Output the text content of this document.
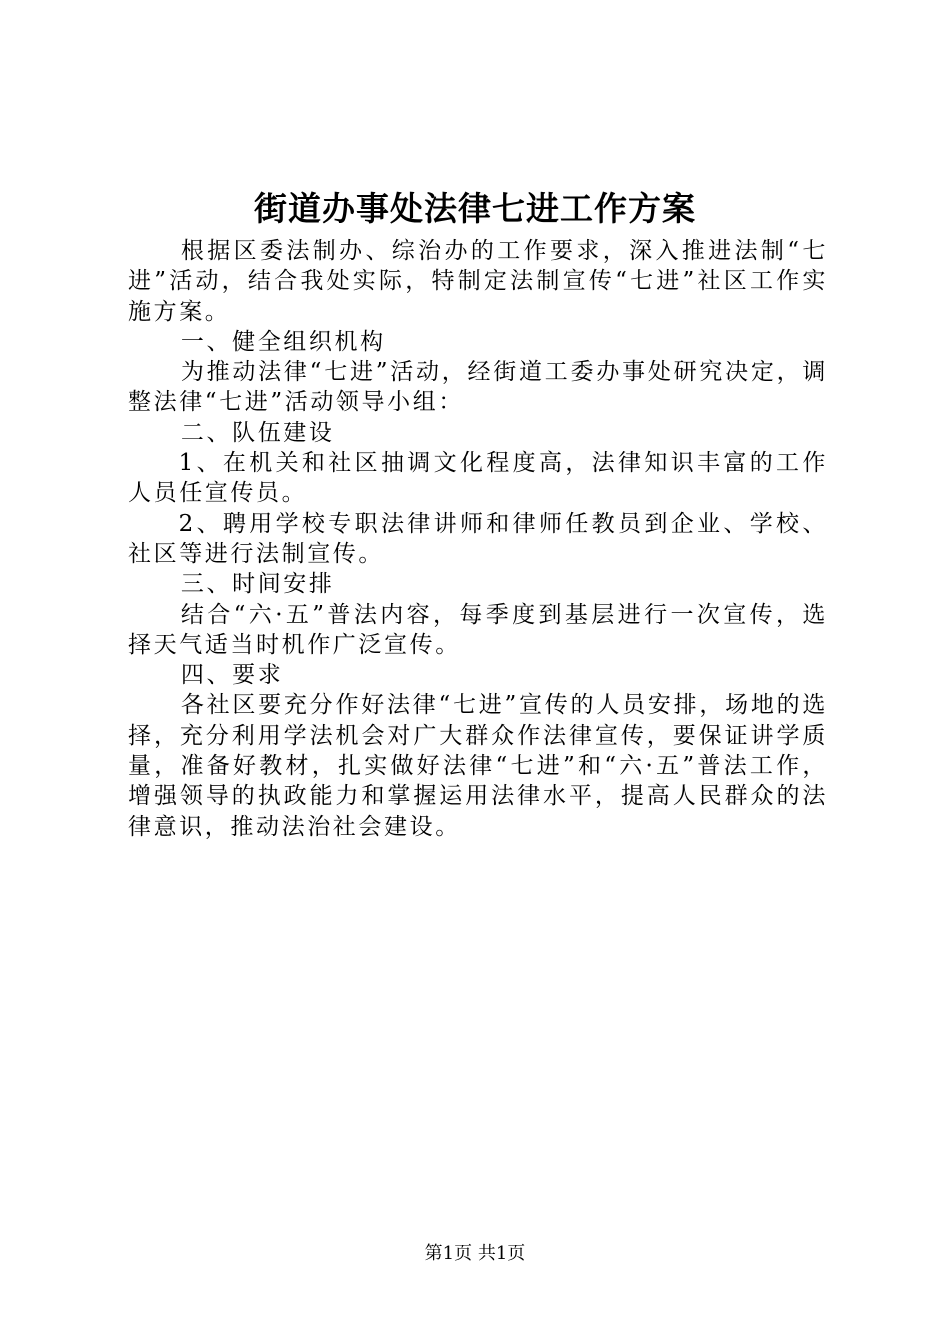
街道办事处法律七进工作方案

根据区委法制办、综治办的工作要求，深入推进法制“七进”活动，结合我处实际，特制定法制宣传“七进”社区工作实施方案。

一、健全组织机构

为推动法律“七进”活动，经街道工委办事处研究决定，调整法律“七进”活动领导小组：

二、队伍建设

1、在机关和社区抽调文化程度高，法律知识丰富的工作人员任宣传员。

2、聘用学校专职法律讲师和律师任教员到企业、学校、社区等进行法制宣传。

三、时间安排

结合“六·五”普法内容，每季度到基层进行一次宣传，选择天气适当时机作广泛宣传。

四、要求

各社区要充分作好法律“七进”宣传的人员安排，场地的选择，充分利用学法机会对广大群众作法律宣传，要保证讲学质量，准备好教材，扎实做好法律“七进”和“六·五”普法工作，增强领导的执政能力和掌握运用法律水平，提高人民群众的法律意识，推动法治社会建设。

第1页 共1页
